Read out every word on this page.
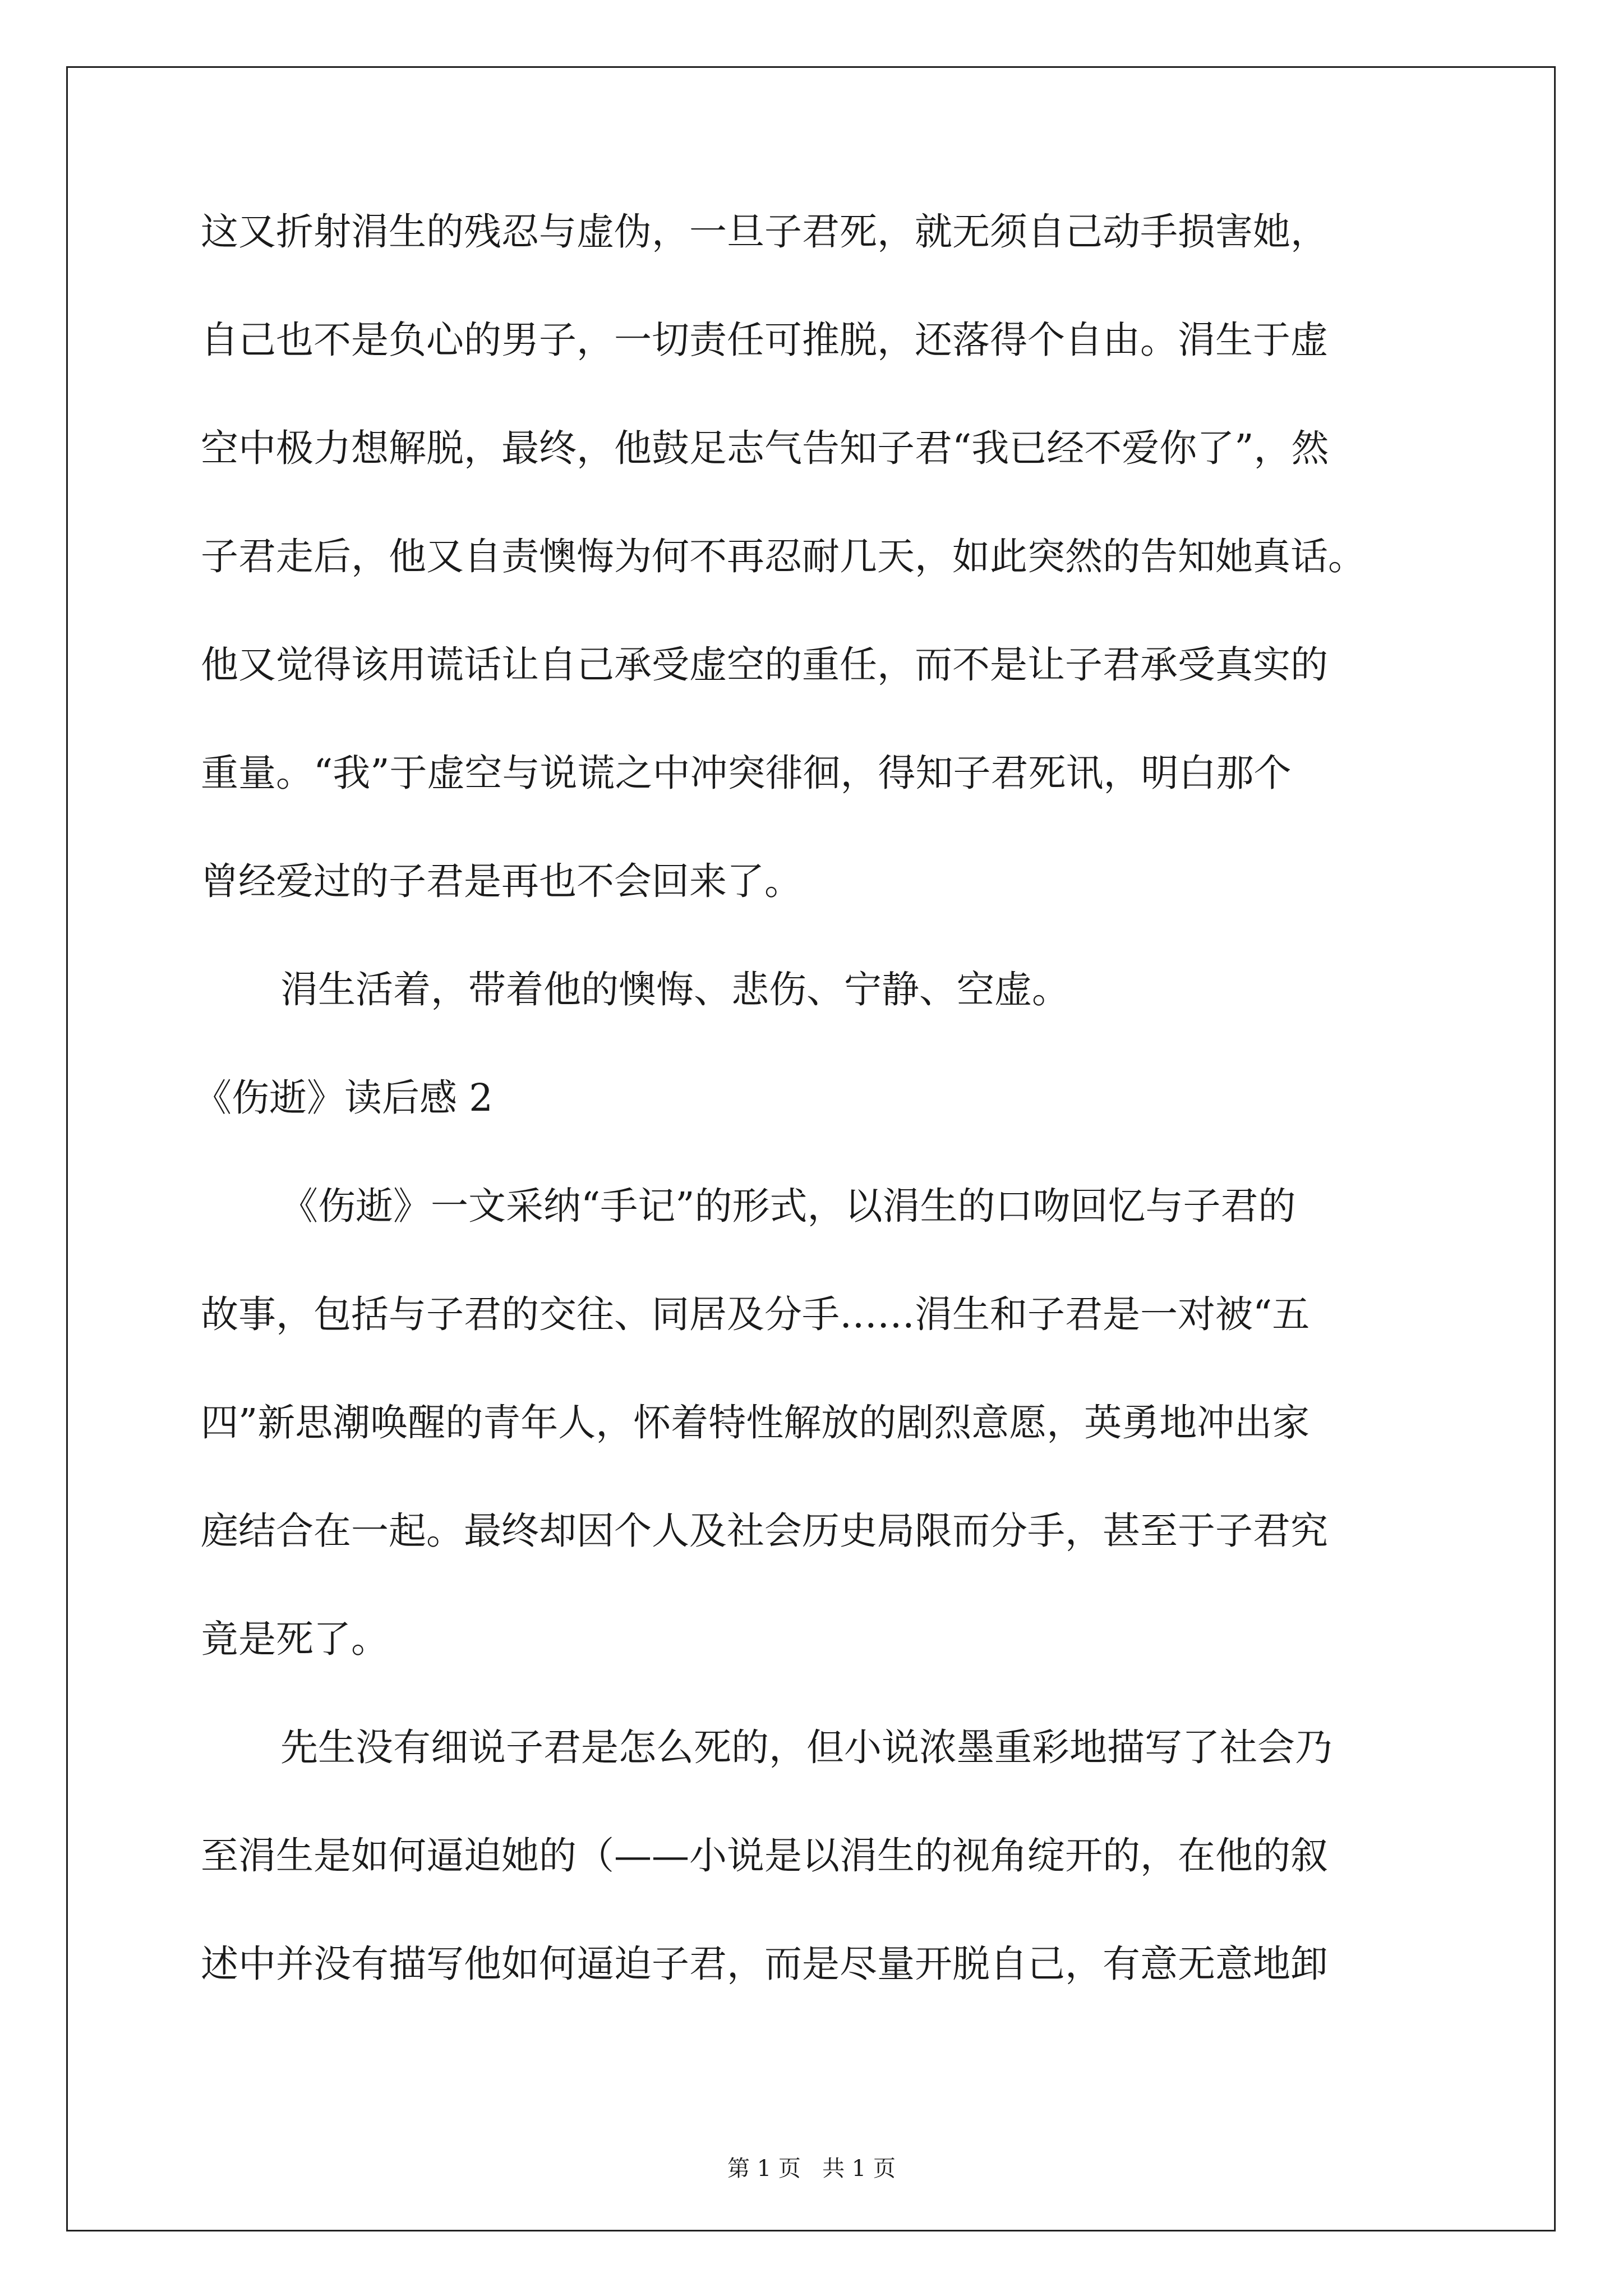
这又折射涓生的残忍与虚伪，一旦子君死，就无须自己动手损害她，
自己也不是负心的男子，一切责任可推脱，还落得个自由。涓生于虚
空中极力想解脱，最终，他鼓足志气告知子君“我已经不爱你了”，然
子君走后，他又自责懊悔为何不再忍耐几天，如此突然的告知她真话。
他又觉得该用谎话让自己承受虚空的重任，而不是让子君承受真实的
重量。“我”于虚空与说谎之中冲突徘徊，得知子君死讯，明白那个
曾经爱过的子君是再也不会回来了。
涓生活着，带着他的懊悔、悲伤、宁静、空虚。
《伤逝》读后感 2
《伤逝》一文采纳“手记”的形式，以涓生的口吻回忆与子君的
故事，包括与子君的交往、同居及分手……涓生和子君是一对被“五
四”新思潮唤醒的青年人，怀着特性解放的剧烈意愿，英勇地冲出家
庭结合在一起。最终却因个人及社会历史局限而分手，甚至于子君究
竟是死了。
先生没有细说子君是怎么死的，但小说浓墨重彩地描写了社会乃
至涓生是如何逼迫她的（——小说是以涓生的视角绽开的，在他的叙
述中并没有描写他如何逼迫子君，而是尽量开脱自己，有意无意地卸
第 1 页   共 1 页
